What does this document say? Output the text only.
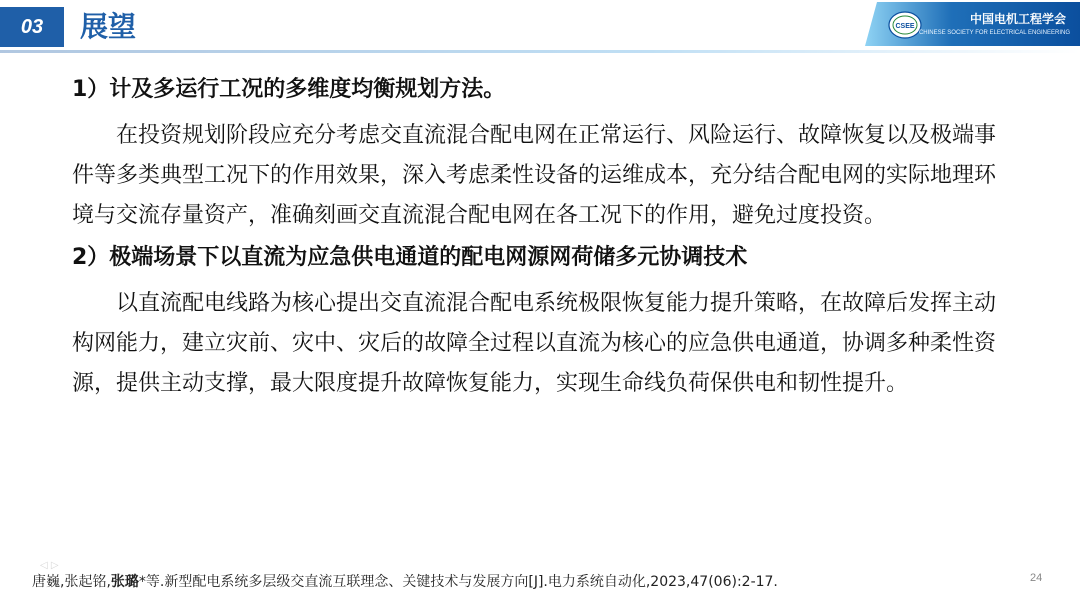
03	展望	CSEE
中国电机工程学会
CHINESE SOCIETY FOR ELECTRICAL ENGINEERING

1）计及多运行工况的多维度均衡规划方法。

在投资规划阶段应充分考虑交直流混合配电网在正常运行、风险运行、故障恢复以及极端事件等多类典型工况下的作用效果，深入考虑柔性设备的运维成本，充分结合配电网的实际地理环境与交流存量资产，准确刻画交直流混合配电网在各工况下的作用，避免过度投资。

2）极端场景下以直流为应急供电通道的配电网源网荷储多元协调技术

以直流配电线路为核心提出交直流混合配电系统极限恢复能力提升策略，在故障后发挥主动构网能力，建立灾前、灾中、灾后的故障全过程以直流为核心的应急供电通道，协调多种柔性资源，提供主动支撑，最大限度提升故障恢复能力，实现生命线负荷保供电和韧性提升。

◁ ▷
唐巍,张起铭,张璐*等.新型配电系统多层级交直流互联理念、关键技术与发展方向[J].电力系统自动化,2023,47(06):2-17.	24
